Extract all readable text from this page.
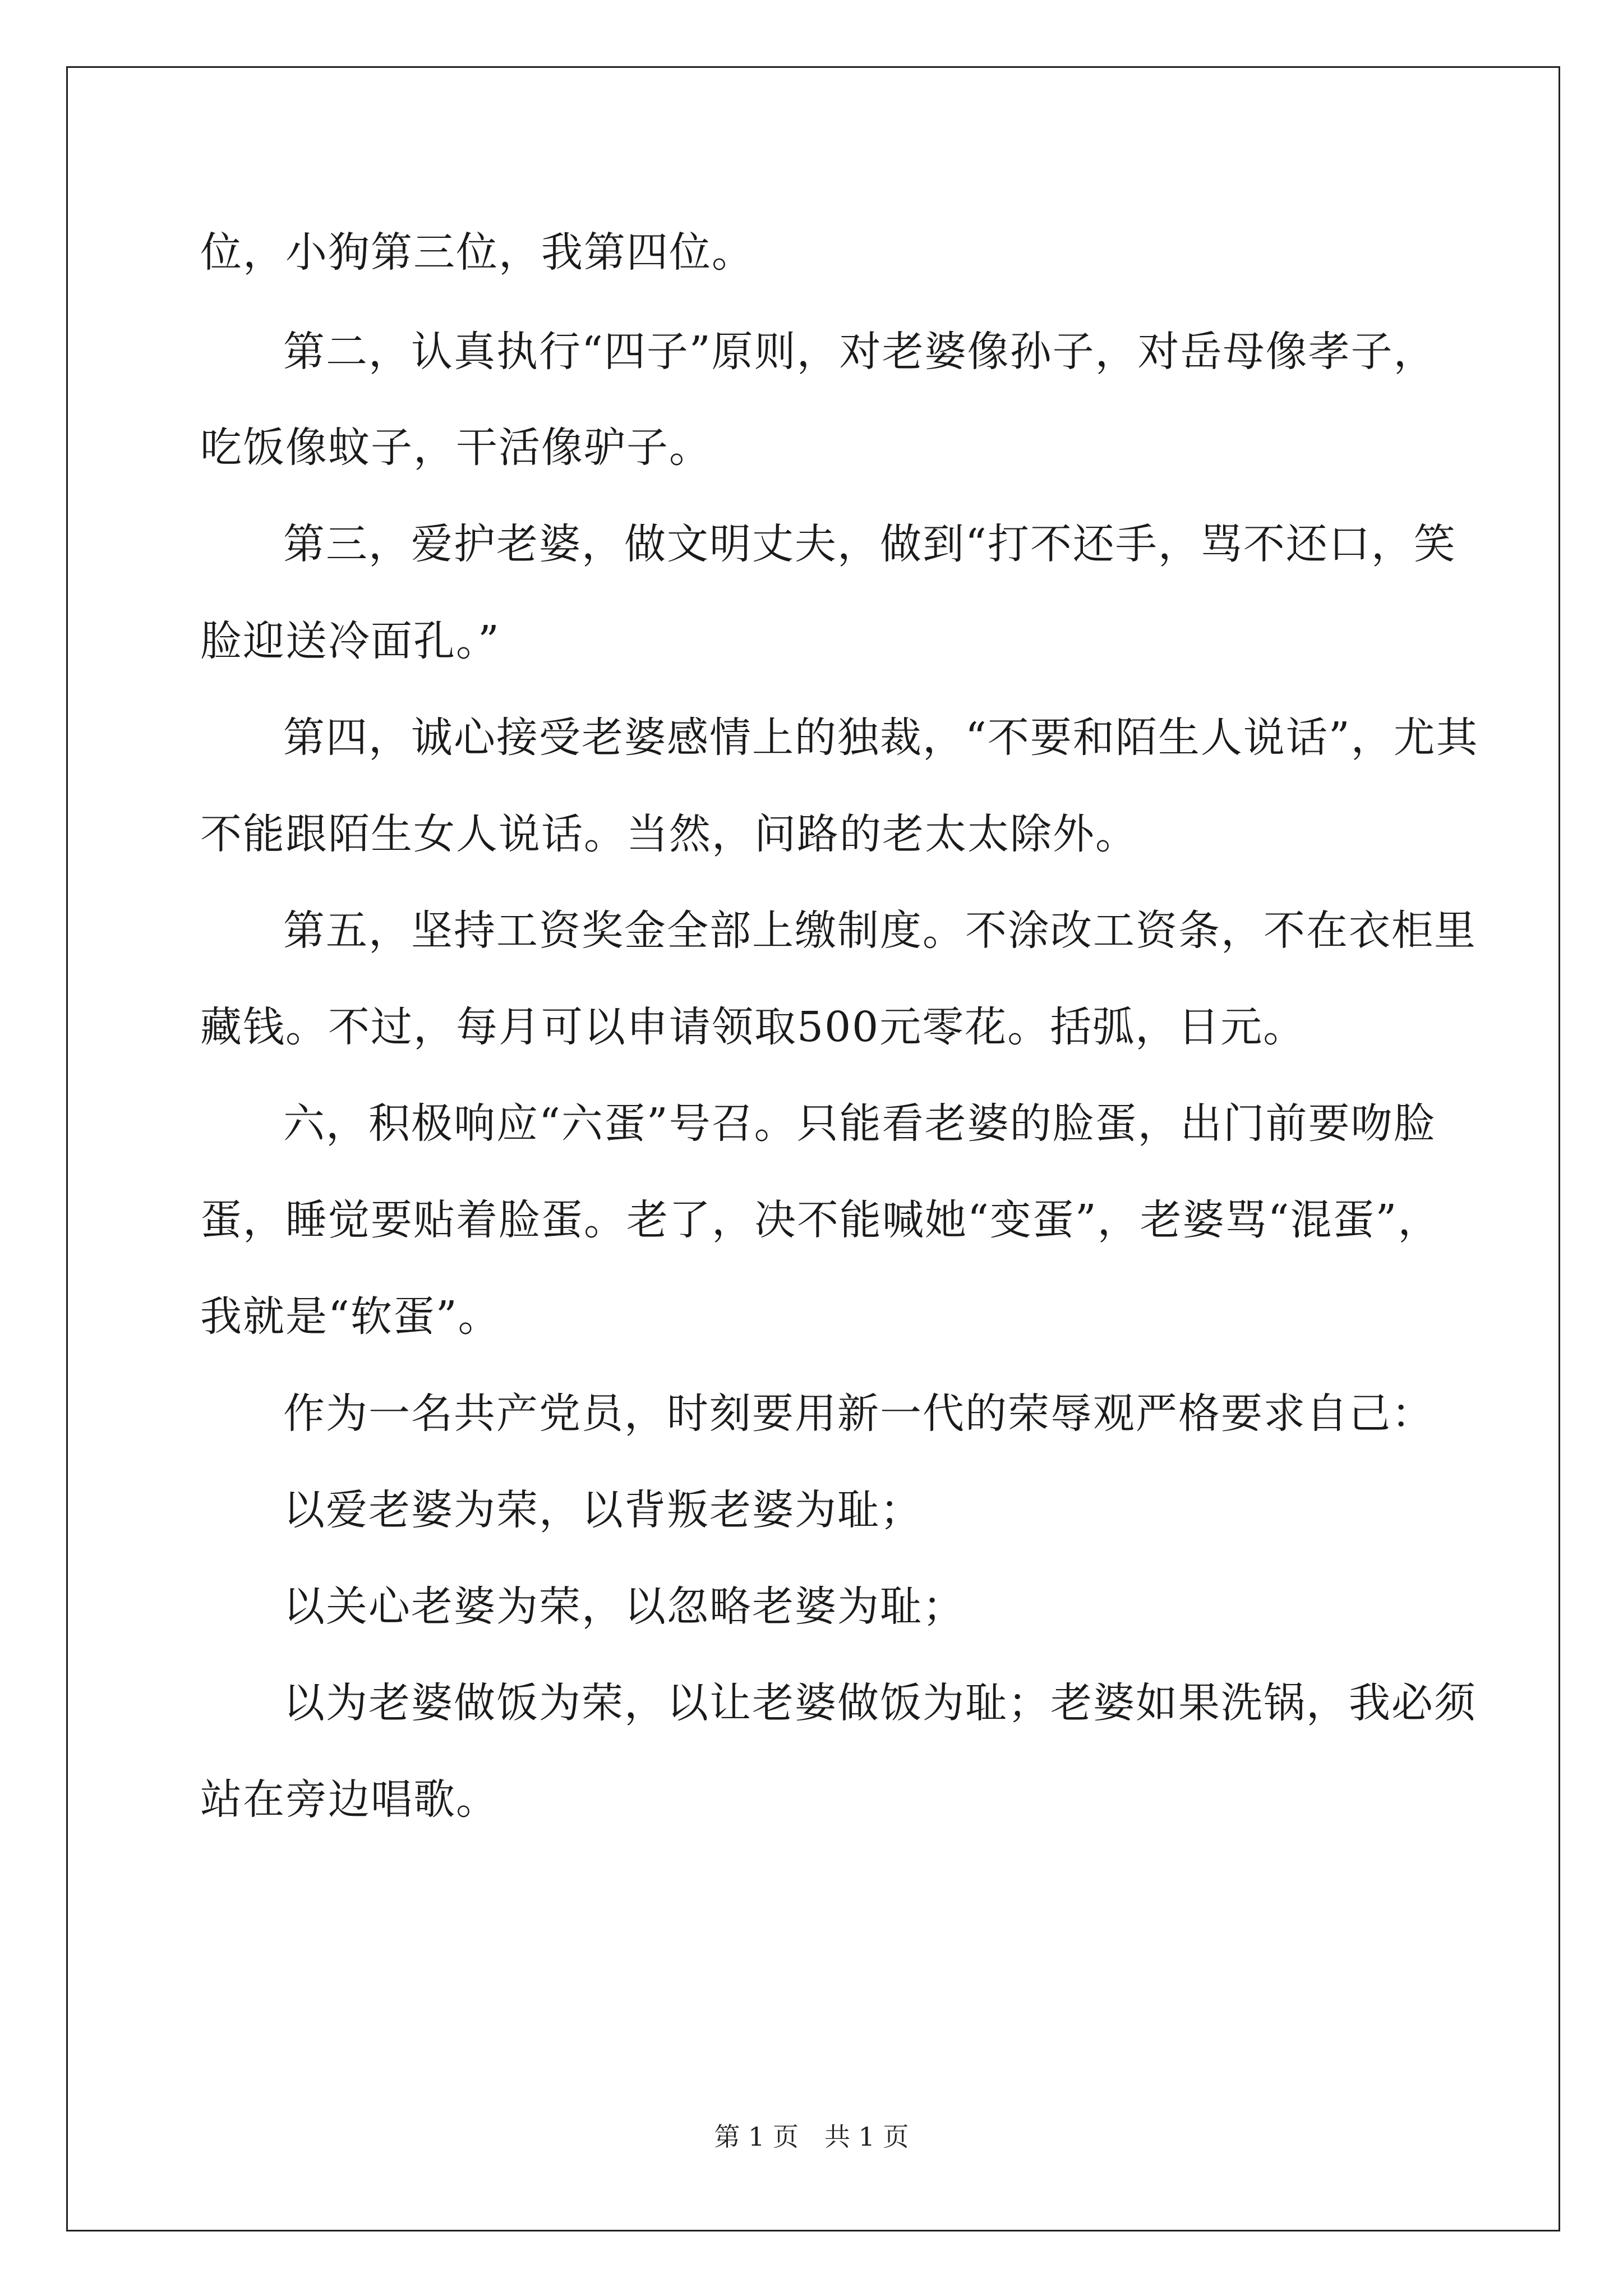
位，小狗第三位，我第四位。
第二，认真执行“四子”原则，对老婆像孙子，对岳母像孝子，
吃饭像蚊子，干活像驴子。
第三，爱护老婆，做文明丈夫，做到“打不还手，骂不还口，笑
脸迎送冷面孔。”
第四，诚心接受老婆感情上的独裁，“不要和陌生人说话”，尤其
不能跟陌生女人说话。当然，问路的老太太除外。
第五，坚持工资奖金全部上缴制度。不涂改工资条，不在衣柜里
藏钱。不过，每月可以申请领取500元零花。括弧，日元。
六，积极响应“六蛋”号召。只能看老婆的脸蛋，出门前要吻脸
蛋，睡觉要贴着脸蛋。老了，决不能喊她“变蛋”，老婆骂“混蛋”，
我就是“软蛋”。
作为一名共产党员，时刻要用新一代的荣辱观严格要求自己：
以爱老婆为荣，以背叛老婆为耻；
以关心老婆为荣，以忽略老婆为耻；
以为老婆做饭为荣，以让老婆做饭为耻；老婆如果洗锅，我必须
站在旁边唱歌。
第 1 页　共 1 页
